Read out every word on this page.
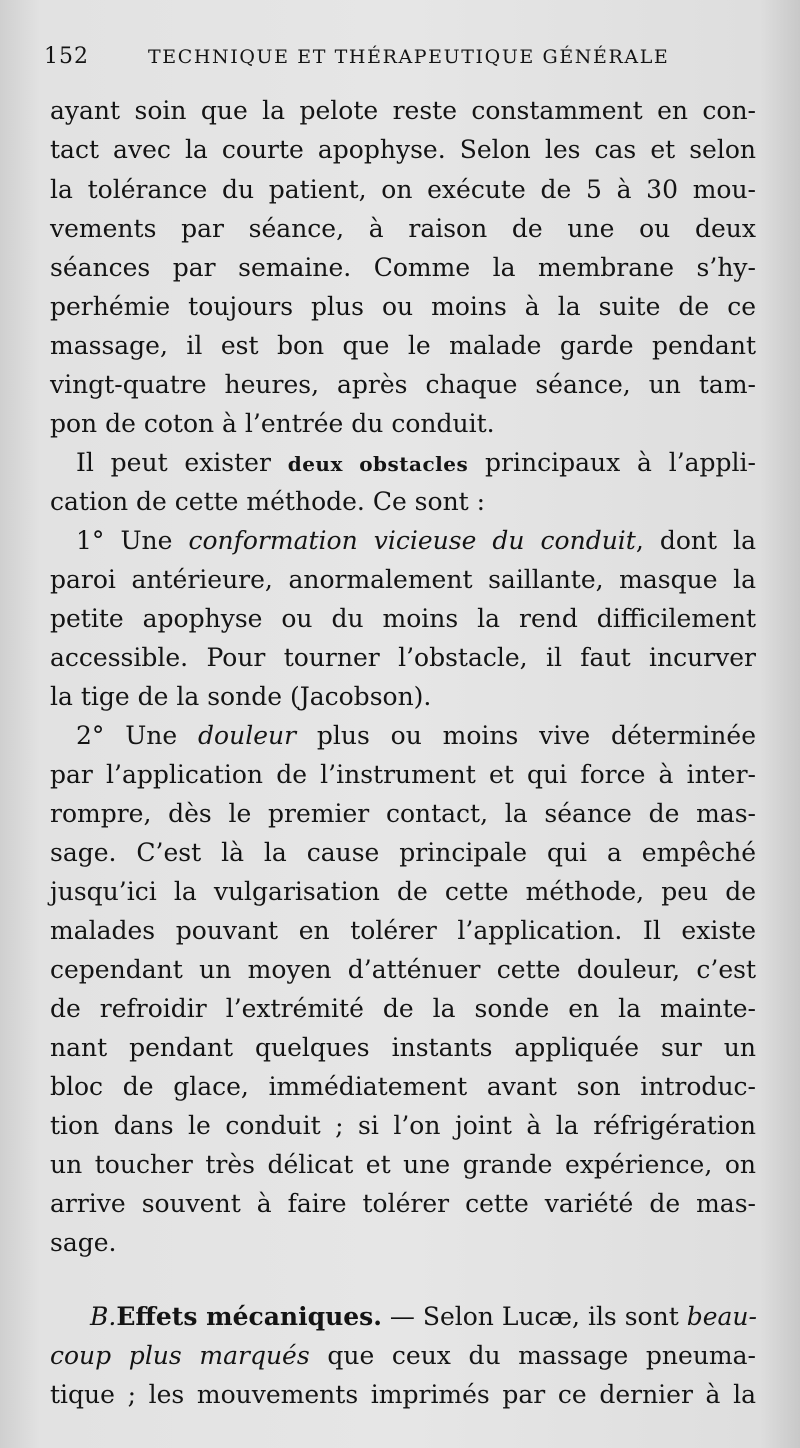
152	TECHNIQUE ET THÉRAPEUTIQUE GÉNÉRALE
ayant soin que la pelote reste constamment en con-
tact avec la courte apophyse. Selon les cas et selon
la tolérance du patient, on exécute de 5 à 30 mou-
vements par séance, à raison de une ou deux
séances par semaine. Comme la membrane s’hy-
perhémie toujours plus ou moins à la suite de ce
massage, il est bon que le malade garde pendant
vingt-quatre heures, après chaque séance, un tam-
pon de coton à l’entrée du conduit.
Il peut exister deux obstacles principaux à l’appli-
cation de cette méthode. Ce sont :
1° Une conformation vicieuse du conduit, dont la
paroi antérieure, anormalement saillante, masque la
petite apophyse ou du moins la rend difficilement
accessible. Pour tourner l’obstacle, il faut incurver
la tige de la sonde (Jacobson).
2° Une douleur plus ou moins vive déterminée
par l’application de l’instrument et qui force à inter-
rompre, dès le premier contact, la séance de mas-
sage. C’est là la cause principale qui a empêché
jusqu’ici la vulgarisation de cette méthode, peu de
malades pouvant en tolérer l’application. Il existe
cependant un moyen d’atténuer cette douleur, c’est
de refroidir l’extrémité de la sonde en la mainte-
nant pendant quelques instants appliquée sur un
bloc de glace, immédiatement avant son introduc-
tion dans le conduit ; si l’on joint à la réfrigération
un toucher très délicat et une grande expérience, on
arrive souvent à faire tolérer cette variété de mas-
sage.
B.Effets mécaniques. — Selon Lucæ, ils sont beau-
coup plus marqués que ceux du massage pneuma-
tique ; les mouvements imprimés par ce dernier à la
